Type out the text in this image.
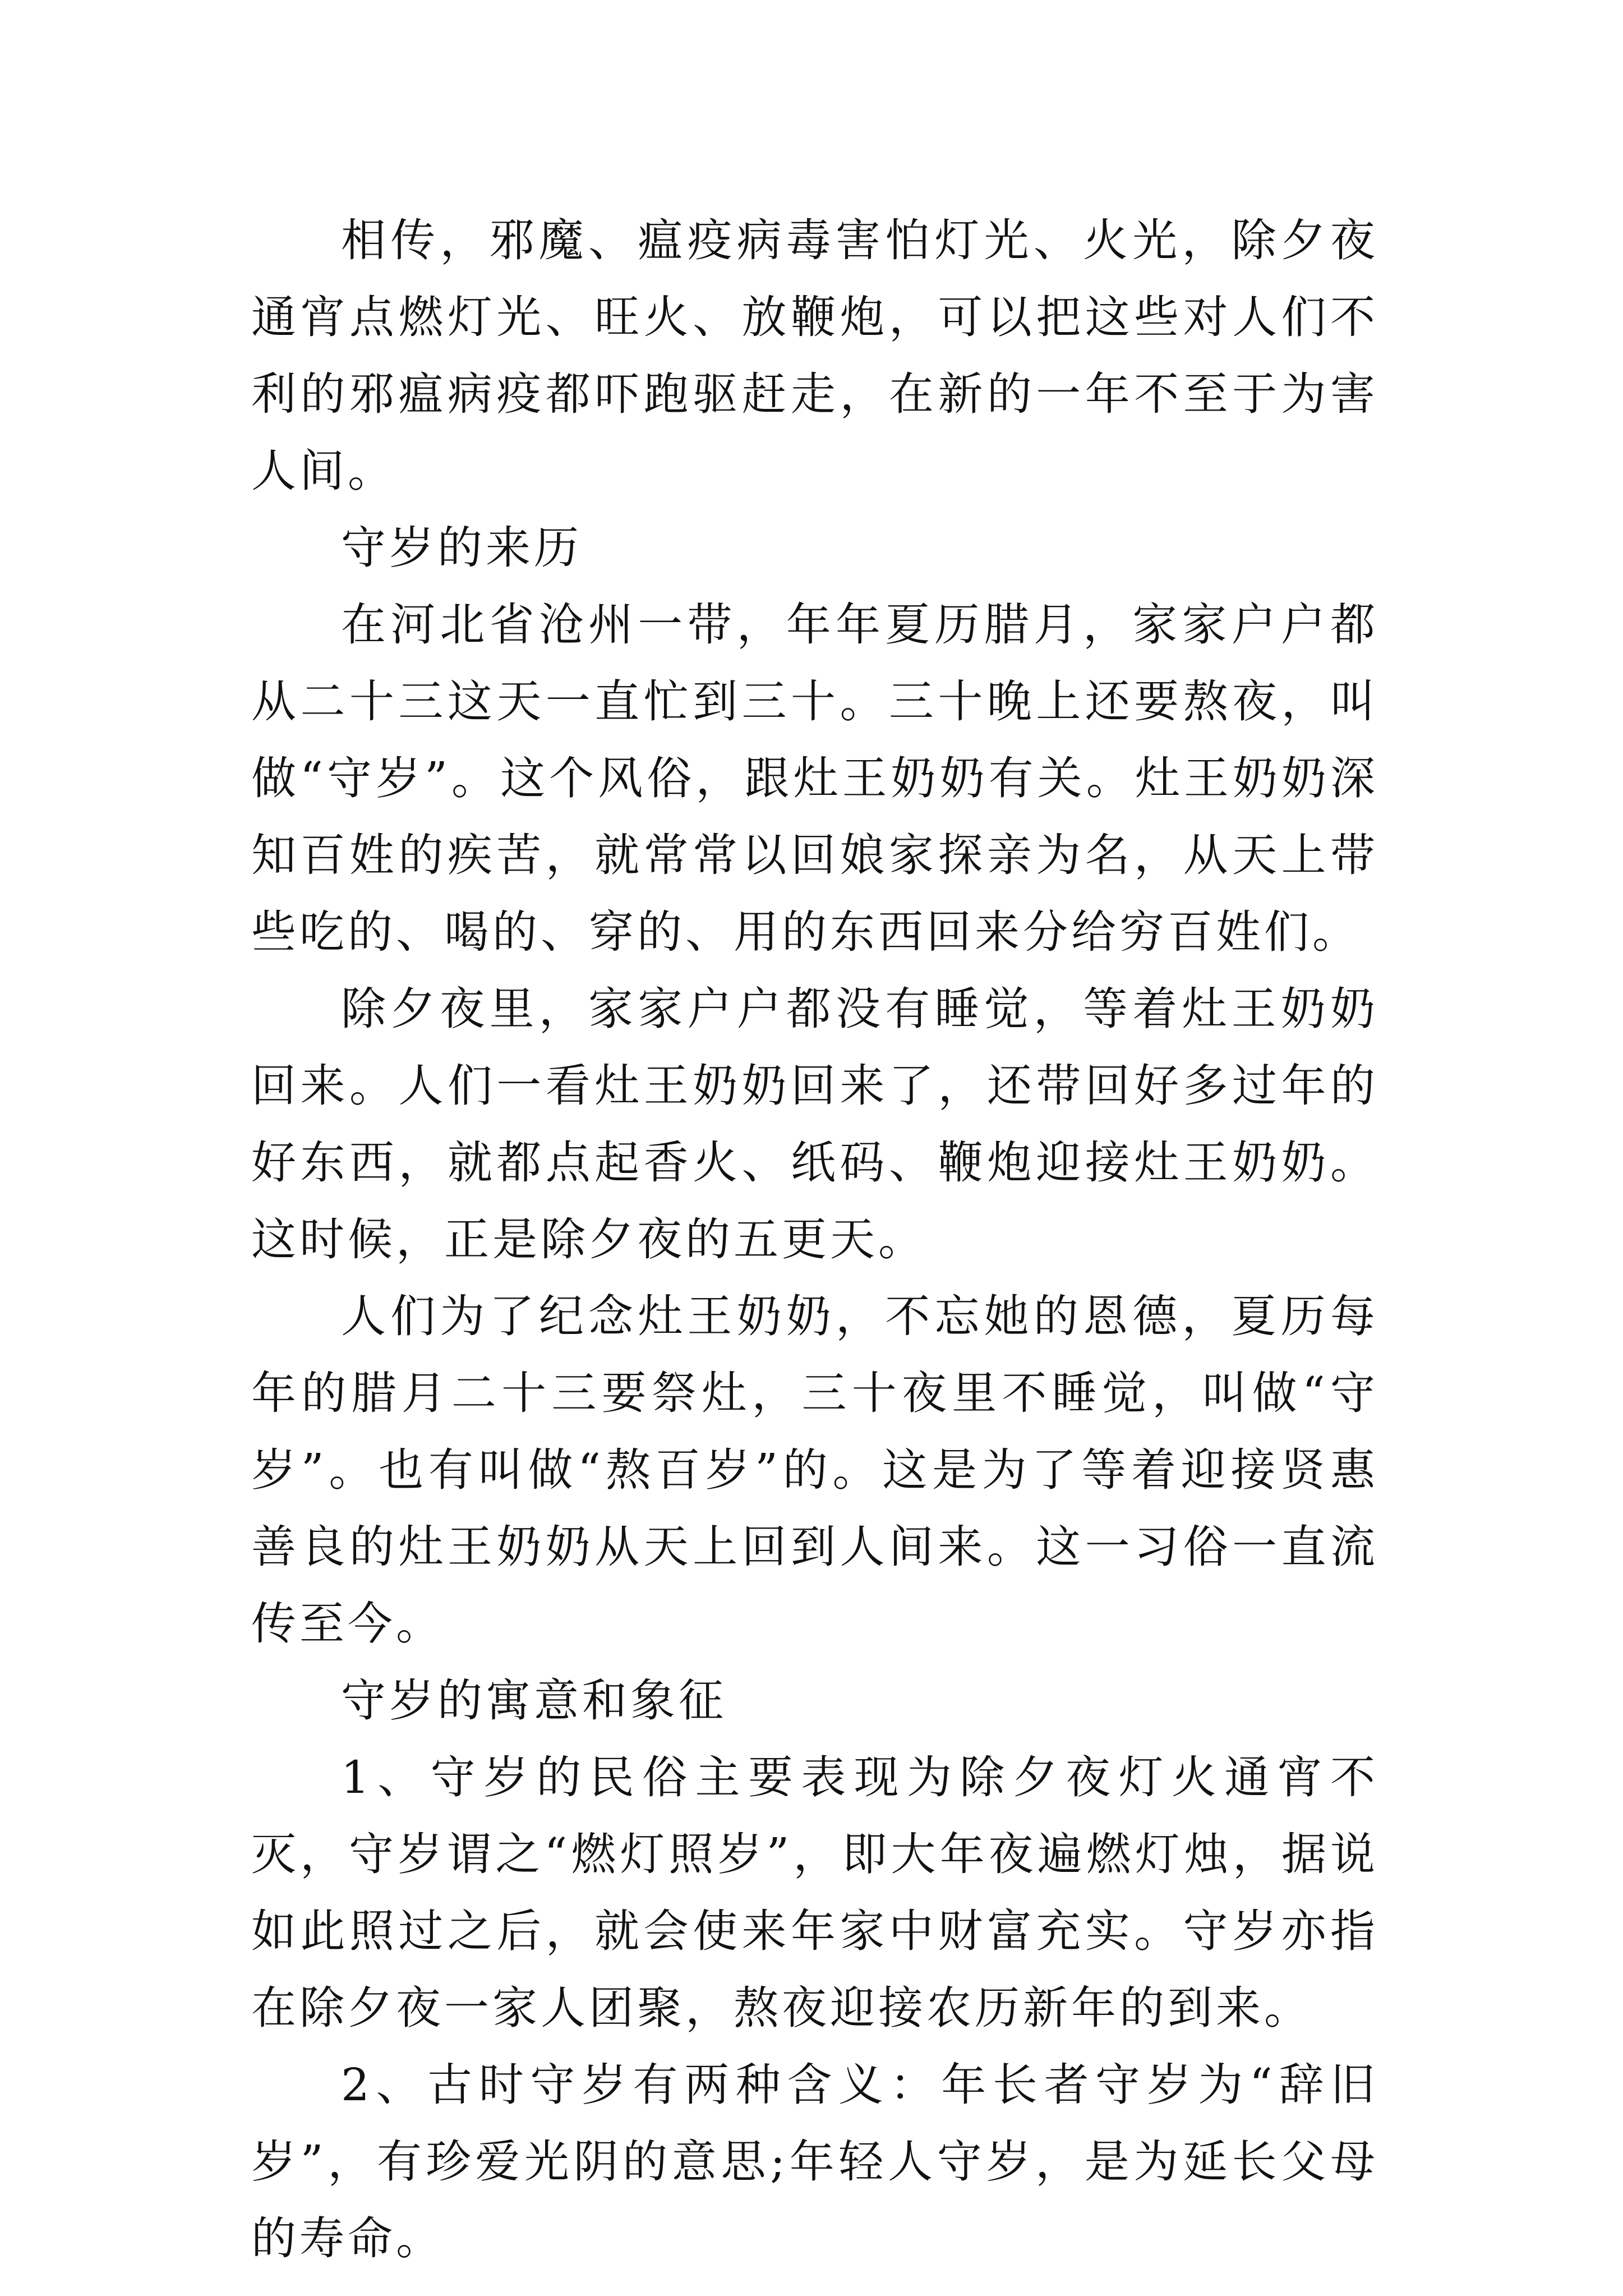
相传，邪魔、瘟疫病毒害怕灯光、火光，除夕夜通宵点燃灯光、旺火、放鞭炮，可以把这些对人们不利的邪瘟病疫都吓跑驱赶走，在新的一年不至于为害人间。

守岁的来历

在河北省沧州一带，年年夏历腊月，家家户户都从二十三这天一直忙到三十。三十晚上还要熬夜，叫做“守岁”。这个风俗，跟灶王奶奶有关。灶王奶奶深知百姓的疾苦，就常常以回娘家探亲为名，从天上带些吃的、喝的、穿的、用的东西回来分给穷百姓们。

除夕夜里，家家户户都没有睡觉，等着灶王奶奶回来。人们一看灶王奶奶回来了，还带回好多过年的好东西，就都点起香火、纸码、鞭炮迎接灶王奶奶。这时候，正是除夕夜的五更天。

人们为了纪念灶王奶奶，不忘她的恩德，夏历每年的腊月二十三要祭灶，三十夜里不睡觉，叫做“守岁”。也有叫做“熬百岁”的。这是为了等着迎接贤惠善良的灶王奶奶从天上回到人间来。这一习俗一直流传至今。

守岁的寓意和象征

1、守岁的民俗主要表现为除夕夜灯火通宵不灭，守岁谓之“燃灯照岁”，即大年夜遍燃灯烛，据说如此照过之后，就会使来年家中财富充实。守岁亦指在除夕夜一家人团聚，熬夜迎接农历新年的到来。

2、古时守岁有两种含义：年长者守岁为“辞旧岁”，有珍爱光阴的意思;年轻人守岁，是为延长父母的寿命。
